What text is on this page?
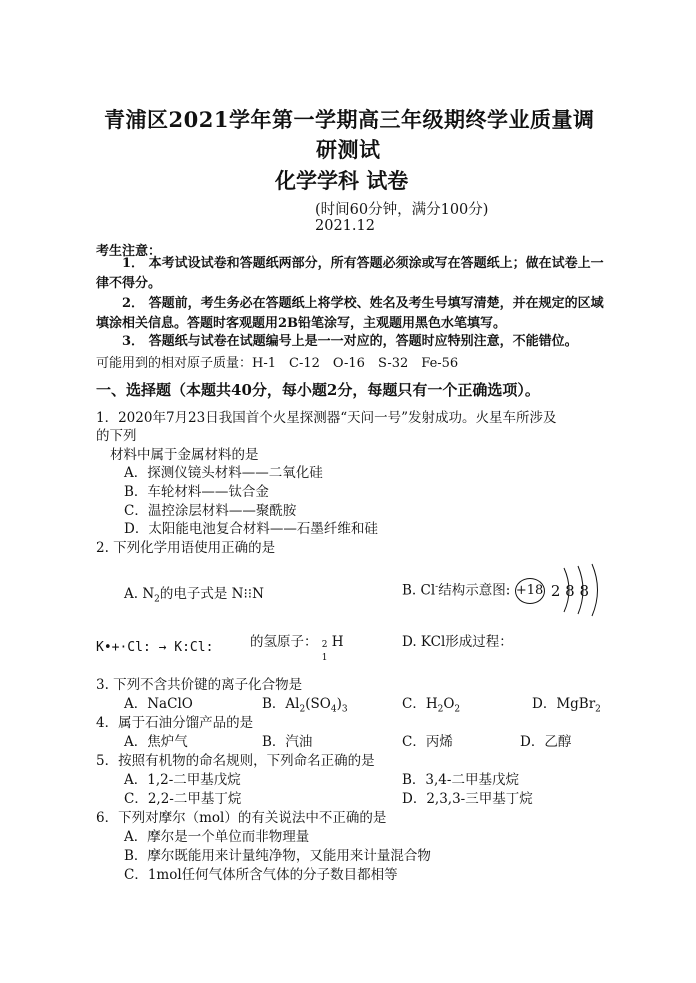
青浦区2021学年第一学期高三年级期终学业质量调
研测试
化学学科 试卷
(时间60分钟，满分100分)
2021.12
考生注意：
1． 本考试设试卷和答题纸两部分，所有答题必须涂或写在答题纸上；做在试卷上一律不得分。
2． 答题前，考生务必在答题纸上将学校、姓名及考生号填写清楚，并在规定的区域填涂相关信息。答题时客观题用2B铅笔涂写，主观题用黑色水笔填写。
3． 答题纸与试卷在试题编号上是一一对应的，答题时应特别注意，不能错位。
可能用到的相对原子质量：H-1　C-12　O-16　S-32　Fe-56
一、选择题（本题共40分，每小题2分，每题只有一个正确选项）。
1．2020年7月23日我国首个火星探测器“天问一号”发射成功。火星车所涉及
的下列
材料中属于金属材料的是
A．探测仪镜头材料——二氧化硅
B．车轮材料——钛合金
C．温控涂层材料——聚酰胺
D．太阳能电池复合材料——石墨纤维和硅
2. 下列化学用语使用正确的是
A. $N_2$的电子式是 N⁝⁝N	B. Cl-结构示意图: +18 2 8 8
K•+·Cl: → K:Cl:	的氢原子： 2
1
H	D. KCl形成过程：
3. 下列不含共价键的离子化合物是
A．NaClO	B．$Al_2(SO_4)_3$	C．$H_2O_2$	D．MgBr$_2$
4．属于石油分馏产品的是
A．焦炉气	B．汽油	C．丙烯	D．乙醇
5．按照有机物的命名规则，下列命名正确的是
A．1,2-二甲基戊烷	B．3,4-二甲基戊烷
C．2,2-二甲基丁烷	D．2,3,3-三甲基丁烷
6．下列对摩尔（mol）的有关说法中不正确的是
A．摩尔是一个单位而非物理量
B．摩尔既能用来计量纯净物，又能用来计量混合物
C．1mol任何气体所含气体的分子数目都相等
